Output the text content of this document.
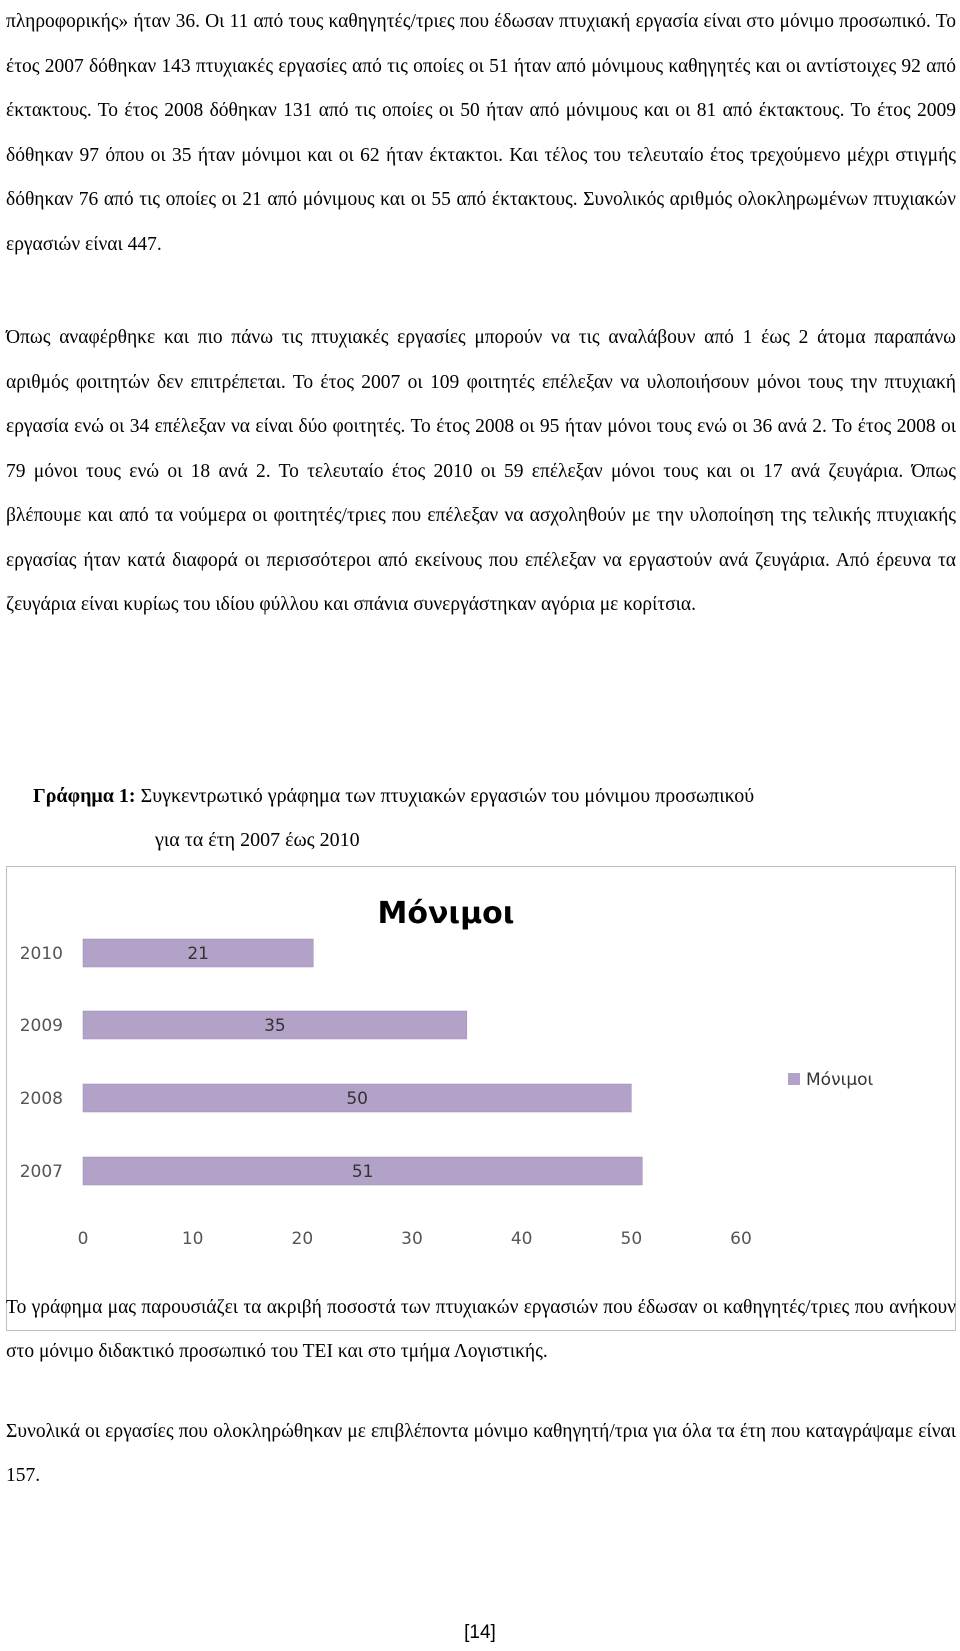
πληροφορικής» ήταν 36. Οι 11 από τους καθηγητές/τριες που έδωσαν πτυχιακή εργασία είναι στο μόνιμο προσωπικό. Το έτος 2007 δόθηκαν 143 πτυχιακές εργασίες από τις οποίες οι 51 ήταν από μόνιμους καθηγητές και οι αντίστοιχες 92 από έκτακτους. Το έτος 2008 δόθηκαν 131 από τις οποίες οι 50 ήταν από μόνιμους και οι 81 από έκτακτους. Το έτος 2009 δόθηκαν 97 όπου οι 35 ήταν μόνιμοι και οι 62 ήταν έκτακτοι. Και τέλος του τελευταίο έτος τρεχούμενο μέχρι στιγμής δόθηκαν 76 από τις οποίες οι 21 από μόνιμους και οι 55 από έκτακτους. Συνολικός αριθμός ολοκληρωμένων πτυχιακών εργασιών είναι 447.
Όπως αναφέρθηκε και πιο πάνω τις πτυχιακές εργασίες μπορούν να τις αναλάβουν από 1 έως 2 άτομα παραπάνω αριθμός φοιτητών δεν επιτρέπεται. Το έτος 2007 οι 109 φοιτητές επέλεξαν να υλοποιήσουν μόνοι τους την πτυχιακή εργασία ενώ οι 34 επέλεξαν να είναι δύο φοιτητές. Το έτος 2008 οι 95 ήταν μόνοι τους ενώ οι 36 ανά 2. Το έτος 2008 οι 79 μόνοι τους ενώ οι 18 ανά 2. Το τελευταίο έτος 2010 οι 59 επέλεξαν μόνοι τους και οι 17 ανά ζευγάρια. Όπως βλέπουμε και από τα νούμερα οι φοιτητές/τριες που επέλεξαν να ασχοληθούν με την υλοποίηση της τελικής πτυχιακής εργασίας ήταν κατά διαφορά οι περισσότεροι από εκείνους που επέλεξαν να εργαστούν ανά ζευγάρια. Από έρευνα τα ζευγάρια είναι κυρίως του ιδίου φύλλου και σπάνια συνεργάστηκαν αγόρια με κορίτσια.
Γράφημα 1: Συγκεντρωτικό γράφημα των πτυχιακών εργασιών του μόνιμου προσωπικού
για τα έτη 2007 έως 2010
Μόνιμοι
0	10	20	30	40	50	60
2010	21
2009	35
2008	50
2007	51
Μόνιμοι
Το γράφημα μας παρουσιάζει τα ακριβή ποσοστά των πτυχιακών εργασιών που έδωσαν οι καθηγητές/τριες που ανήκουν στο μόνιμο διδακτικό προσωπικό του ΤΕΙ και στο τμήμα Λογιστικής.
Συνολικά οι εργασίες που ολοκληρώθηκαν με επιβλέποντα μόνιμο καθηγητή/τρια για όλα τα έτη που καταγράψαμε είναι 157.
[14]
